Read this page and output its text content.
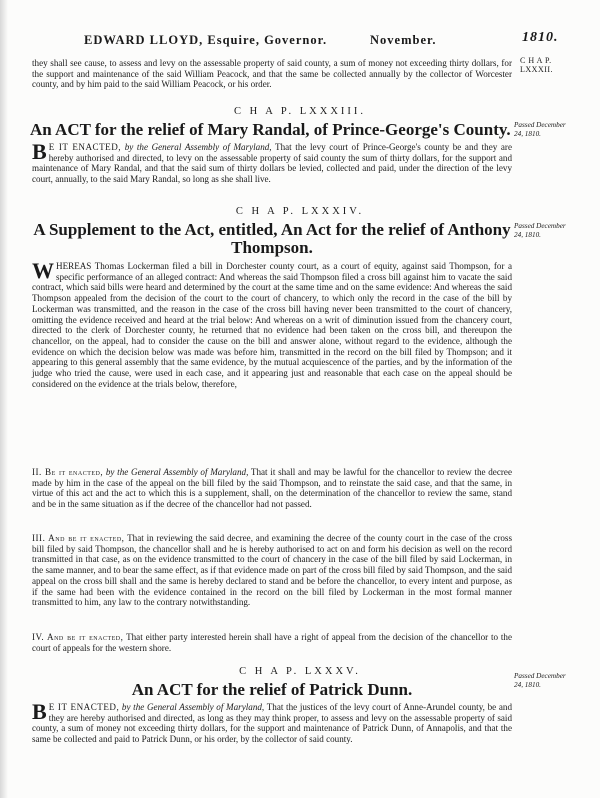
EDWARD LLOYD, Esquire, Governor.	November.	1810.
they shall see cause, to assess and levy on the assessable property of said county, a sum of money not exceeding thirty dollars, for the support and maintenance of the said William Peacock, and that the same be collected annually by the collector of Worcester county, and by him paid to the said William Peacock, or his order.
C H A P. LXXXII.
C H A P. LXXXIII.
An ACT for the relief of Mary Randal, of Prince-George's County. Passed December 24, 1810.
B E IT ENACTED, by the General Assembly of Maryland, That the levy court of Prince-George's county be and they are hereby authorised and directed, to levy on the assessable property of said county the sum of thirty dollars, for the support and maintenance of Mary Randal, and that the said sum of thirty dollars be levied, collected and paid, under the direction of the levy court, annually, to the said Mary Randal, so long as she shall live.
C H A P. LXXXIV.
A Supplement to the Act, entitled, An Act for the relief of Anthony Thompson.
Passed December 24, 1810.
W HEREAS Thomas Lockerman filed a bill in Dorchester county court, as a court of equity, against said Thompson, for a specific performance of an alleged contract: And whereas the said Thompson filed a cross bill against him to vacate the said contract, which said bills were heard and determined by the court at the same time and on the same evidence: And whereas the said Thompson appealed from the decision of the court to the court of chancery, to which only the record in the case of the bill by Lockerman was transmitted, and the reason in the case of the cross bill having never been transmitted to the court of chancery, omitting the evidence received and heard at the trial below: And whereas on a writ of diminution issued from the chancery court, directed to the clerk of Dorchester county, he returned that no evidence had been taken on the cross bill, and thereupon the chancellor, on the appeal, had to consider the cause on the bill and answer alone, without regard to the evidence, although the evidence on which the decision below was made was before him, transmitted in the record on the bill filed by Thompson; and it appearing to this general assembly that the same evidence, by the mutual acquiescence of the parties, and by the information of the judge who tried the cause, were used in each case, and it appearing just and reasonable that each case on the appeal should be considered on the evidence at the trials below, therefore,
II. Be it enacted, by the General Assembly of Maryland, That it shall and may be lawful for the chancellor to review the decree made by him in the case of the appeal on the bill filed by the said Thompson, and to reinstate the said case, and that the same, in virtue of this act and the act to which this is a supplement, shall, on the determination of the chancellor to review the same, stand and be in the same situation as if the decree of the chancellor had not passed.
III. And be it enacted, That in reviewing the said decree, and examining the decree of the county court in the case of the cross bill filed by said Thompson, the chancellor shall and he is hereby authorised to act on and form his decision as well on the record transmitted in that case, as on the evidence transmitted to the court of chancery in the case of the bill filed by said Lockerman, in the same manner, and to bear the same effect, as if that evidence made on part of the cross bill filed by said Thompson, and the said appeal on the cross bill shall and the same is hereby declared to stand and be before the chancellor, to every intent and purpose, as if the same had been with the evidence contained in the record on the bill filed by Lockerman in the most formal manner transmitted to him, any law to the contrary notwithstanding.
IV. And be it enacted, That either party interested herein shall have a right of appeal from the decision of the chancellor to the court of appeals for the western shore.
C H A P. LXXXV.
An ACT for the relief of Patrick Dunn.
Passed December 24, 1810.
B E IT ENACTED, by the General Assembly of Maryland, That the justices of the levy court of Anne-Arundel county, be and they are hereby authorised and directed, as long as they may think proper, to assess and levy on the assessable property of said county, a sum of money not exceeding thirty dollars, for the support and maintenance of Patrick Dunn, of Annapolis, and that the same be collected and paid to Patrick Dunn, or his order, by the collector of said county.
